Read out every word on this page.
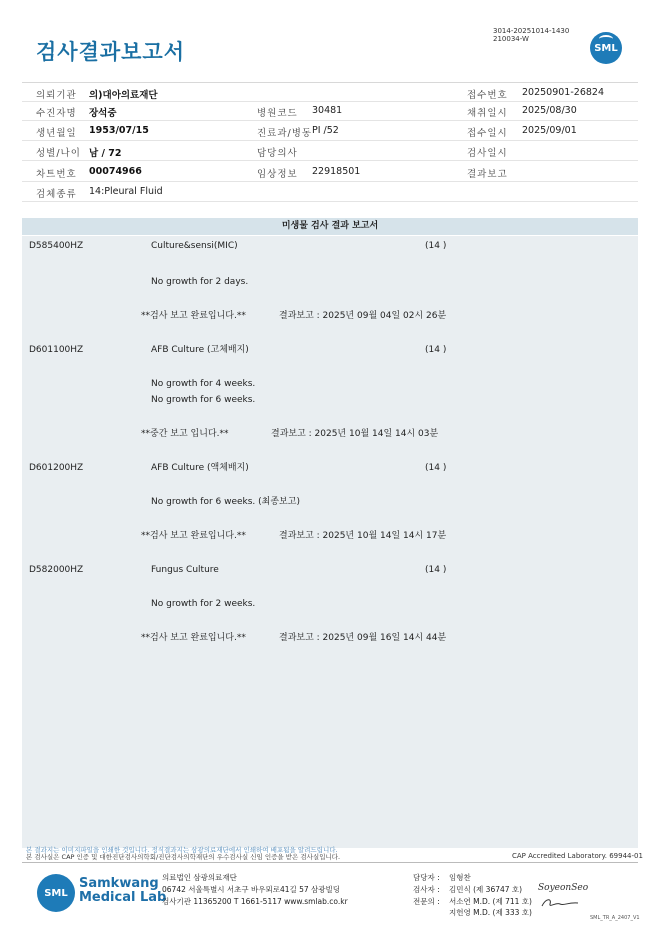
3014-20251014-1430
210034-W
검사결과보고서	SML
의뢰기관 의)대아의료재단	접수번호 20250901-26824
수진자명 장석중	병원코드 30481	채취일시 2025/08/30
생년월일 1953/07/15	진료과/병동 PI /52	접수일시 2025/09/01
성별/나이 남 / 72	담당의사	검사일시
차트번호 00074966	임상정보 22918501	결과보고
검체종류 14:Pleural Fluid
미생물 검사 결과 보고서
D585400HZ	Culture&sensi(MIC)	(14 )
No growth for 2 days.
**검사 보고 완료입니다.**	결과보고 : 2025년 09월 04일 02시 26분
D601100HZ	AFB Culture (고체배지)	(14 )
No growth for 4 weeks.
No growth for 6 weeks.
**중간 보고 입니다.**	결과보고 : 2025년 10월 14일 14시 03분
D601200HZ	AFB Culture (액체배지)	(14 )
No growth for 6 weeks. (최종보고)
**검사 보고 완료입니다.**	결과보고 : 2025년 10월 14일 14시 17분
D582000HZ	Fungus Culture	(14 )
No growth for 2 weeks.
**검사 보고 완료입니다.**	결과보고 : 2025년 09월 16일 14시 44분
본 결과지는 이미지파일을 인쇄한 것입니다. 정식결과지는 삼광의료재단에서 인쇄하여 배포됨을 알려드립니다.
본 검사실은 CAP 인증 및 대한진단검사의학회/진단검사의학재단의 우수검사실 신임 인증을 받은 검사실입니다.	CAP Accredited Laboratory. 69944-01
SML
Samkwang
Medical Lab
의료법인 삼광의료재단
06742 서울특별시 서초구 바우뫼로41길 57 삼광빌딩
검사기관 11365200 T 1661-5117 www.smlab.co.kr
담당자 : 임형찬
검사자 : 김민식 (제 36747 호)
전문의 : 서소연 M.D. (제 711 호)
지헌영 M.D. (제 333 호)
SoyeonSeo
SML_TR_A_2407_V1
